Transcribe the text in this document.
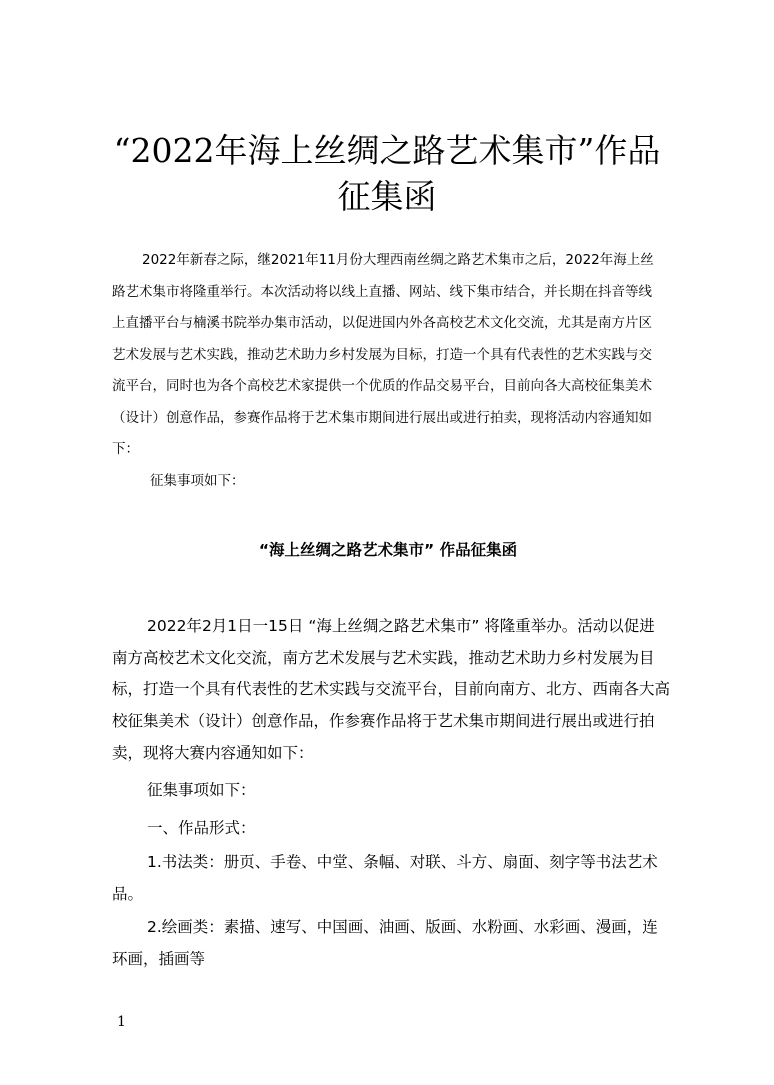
“2022年海上丝绸之路艺术集市”作品征集函
2022年新春之际，继2021年11月份大理西南丝绸之路艺术集市之后，2022年海上丝路艺术集市将隆重举行。本次活动将以线上直播、网站、线下集市结合，并长期在抖音等线上直播平台与楠溪书院举办集市活动，以促进国内外各高校艺术文化交流，尤其是南方片区艺术发展与艺术实践，推动艺术助力乡村发展为目标，打造一个具有代表性的艺术实践与交流平台，同时也为各个高校艺术家提供一个优质的作品交易平台，目前向各大高校征集美术（设计）创意作品，参赛作品将于艺术集市期间进行展出或进行拍卖，现将活动内容通知如下：
征集事项如下：
“海上丝绸之路艺术集市” 作品征集函
2022年2月1日一15日 “海上丝绸之路艺术集市” 将隆重举办。活动以促进南方高校艺术文化交流，南方艺术发展与艺术实践，推动艺术助力乡村发展为目标，打造一个具有代表性的艺术实践与交流平台，目前向南方、北方、西南各大高校征集美术（设计）创意作品，作参赛作品将于艺术集市期间进行展出或进行拍卖，现将大赛内容通知如下：
征集事项如下：
一、作品形式：
1.书法类：册页、手卷、中堂、条幅、对联、斗方、扇面、刻字等书法艺术品。
2.绘画类：素描、速写、中国画、油画、版画、水粉画、水彩画、漫画，连环画，插画等
1
